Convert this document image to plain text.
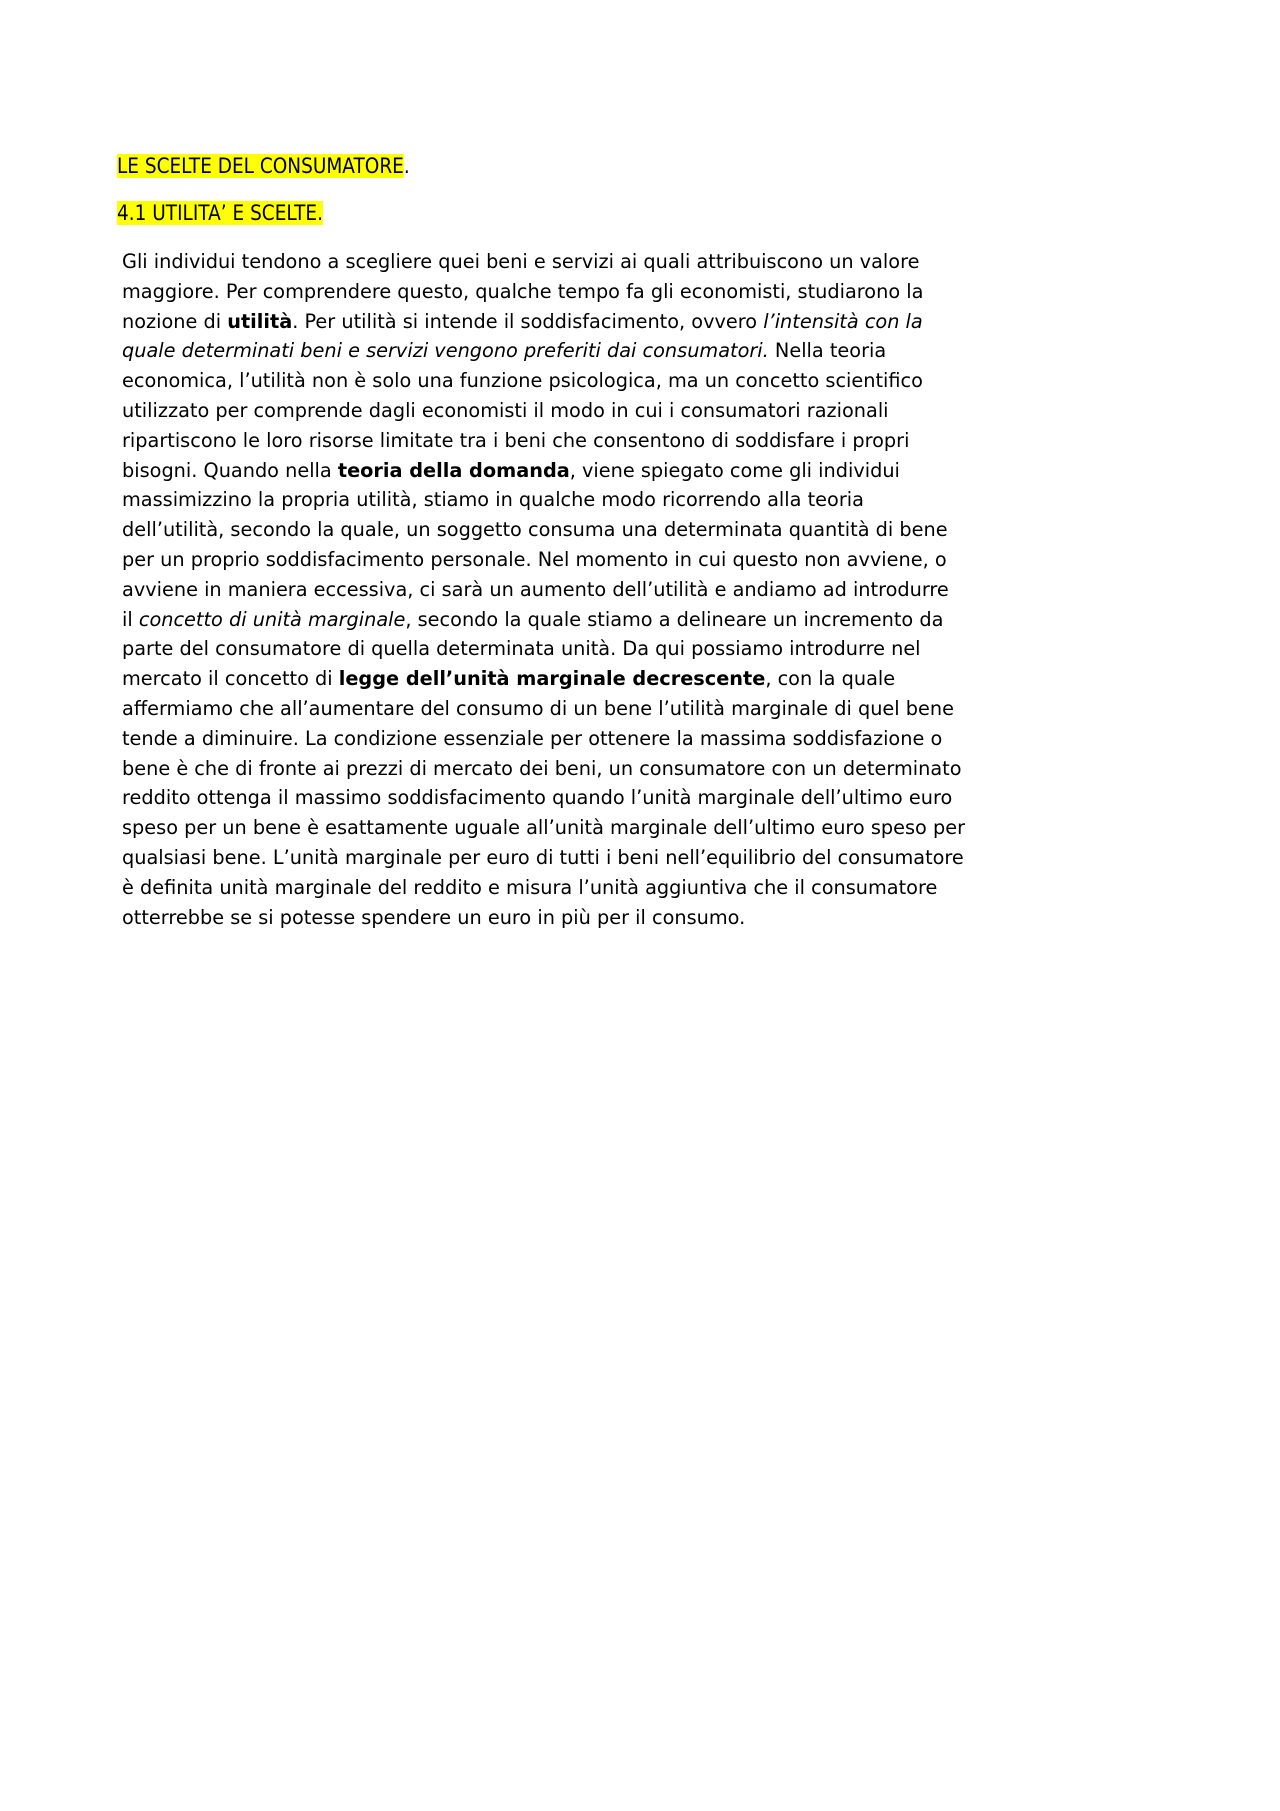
LE SCELTE DEL CONSUMATORE.
4.1 UTILITA’ E SCELTE.
Gli individui tendono a scegliere quei beni e servizi ai quali attribuiscono un valore
maggiore. Per comprendere questo, qualche tempo fa gli economisti, studiarono la
nozione di utilità. Per utilità si intende il soddisfacimento, ovvero l’intensità con la
quale determinati beni e servizi vengono preferiti dai consumatori. Nella teoria
economica, l’utilità non è solo una funzione psicologica, ma un concetto scientifico
utilizzato per comprende dagli economisti il modo in cui i consumatori razionali
ripartiscono le loro risorse limitate tra i beni che consentono di soddisfare i propri
bisogni. Quando nella teoria della domanda, viene spiegato come gli individui
massimizzino la propria utilità, stiamo in qualche modo ricorrendo alla teoria
dell’utilità, secondo la quale, un soggetto consuma una determinata quantità di bene
per un proprio soddisfacimento personale. Nel momento in cui questo non avviene, o
avviene in maniera eccessiva, ci sarà un aumento dell’utilità e andiamo ad introdurre
il concetto di unità marginale, secondo la quale stiamo a delineare un incremento da
parte del consumatore di quella determinata unità. Da qui possiamo introdurre nel
mercato il concetto di legge dell’unità marginale decrescente, con la quale
affermiamo che all’aumentare del consumo di un bene l’utilità marginale di quel bene
tende a diminuire. La condizione essenziale per ottenere la massima soddisfazione o
bene è che di fronte ai prezzi di mercato dei beni, un consumatore con un determinato
reddito ottenga il massimo soddisfacimento quando l’unità marginale dell’ultimo euro
speso per un bene è esattamente uguale all’unità marginale dell’ultimo euro speso per
qualsiasi bene. L’unità marginale per euro di tutti i beni nell’equilibrio del consumatore
è definita unità marginale del reddito e misura l’unità aggiuntiva che il consumatore
otterrebbe se si potesse spendere un euro in più per il consumo.
